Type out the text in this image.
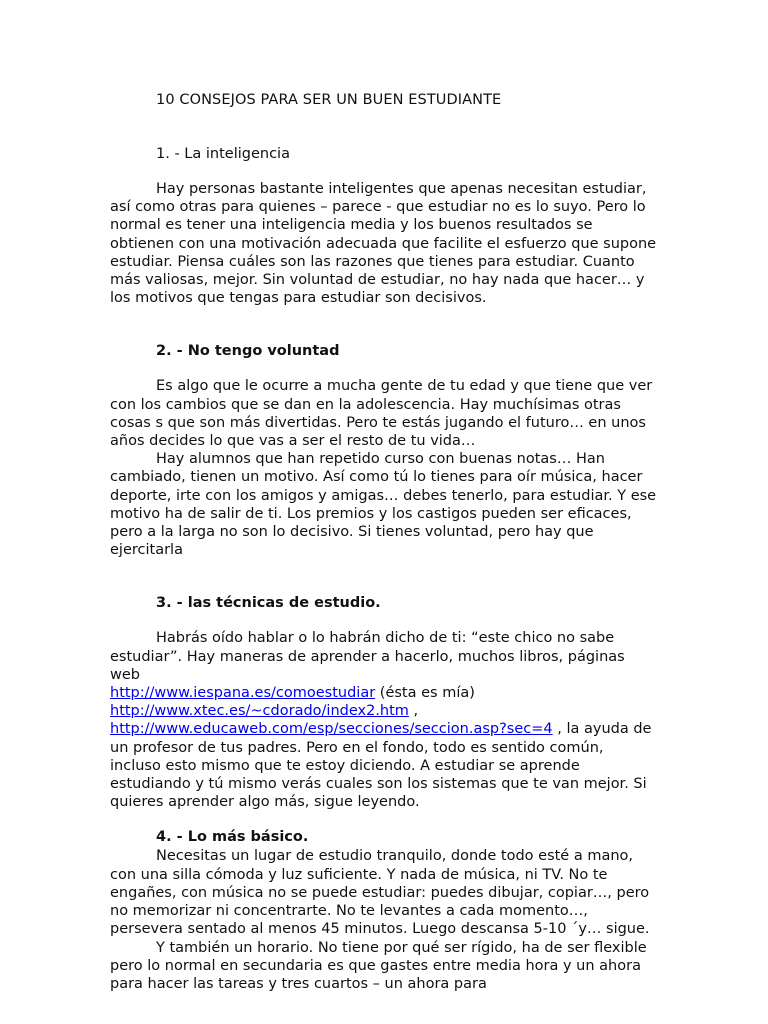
10 CONSEJOS PARA SER UN BUEN ESTUDIANTE
1. - La inteligencia

Hay personas bastante inteligentes que apenas necesitan estudiar, así como otras para quienes – parece - que estudiar no es lo suyo. Pero lo normal es tener una inteligencia media y los buenos resultados se obtienen con una motivación adecuada que facilite el esfuerzo que supone estudiar. Piensa cuáles son las razones que tienes para estudiar. Cuanto más valiosas, mejor. Sin voluntad de estudiar, no hay nada que hacer… y los motivos que tengas para estudiar son decisivos.

2. - No tengo voluntad

Es algo que le ocurre a mucha gente de tu edad y que tiene que ver con los cambios que se dan en la adolescencia. Hay muchísimas otras cosas s que son más divertidas. Pero te estás jugando el futuro… en unos años decides lo que vas a ser el resto de tu vida…

Hay alumnos que han repetido curso con buenas notas… Han cambiado, tienen un motivo. Así como tú lo tienes para oír música, hacer deporte, irte con los amigos y amigas… debes tenerlo, para estudiar. Y ese motivo ha de salir de ti. Los premios y los castigos pueden ser eficaces, pero a la larga no son lo decisivo. Si tienes voluntad, pero hay que ejercitarla

3. - las técnicas de estudio.

Habrás oído hablar o lo habrán dicho de ti: “este chico no sabe estudiar”. Hay maneras de aprender a hacerlo, muchos libros, páginas web

http://www.iespana.es/comoestudiar (ésta es mía)

http://www.xtec.es/~cdorado/index2.htm ,

http://www.educaweb.com/esp/secciones/seccion.asp?sec=4 , la ayuda de un profesor de tus padres. Pero en el fondo, todo es sentido común, incluso esto mismo que te estoy diciendo. A estudiar se aprende estudiando y tú mismo verás cuales son los sistemas que te van mejor. Si quieres aprender algo más, sigue leyendo.

4. - Lo más básico.

Necesitas un lugar de estudio tranquilo, donde todo esté a mano, con una silla cómoda y luz suficiente. Y nada de música, ni TV. No te engañes, con música no se puede estudiar: puedes dibujar, copiar…, pero no memorizar ni concentrarte. No te levantes a cada momento…, persevera sentado al menos 45 minutos. Luego descansa 5-10 ´y… sigue.

Y también un horario. No tiene por qué ser rígido, ha de ser flexible pero lo normal en secundaria es que gastes entre media hora y un ahora para hacer las tareas y tres cuartos – un ahora para
